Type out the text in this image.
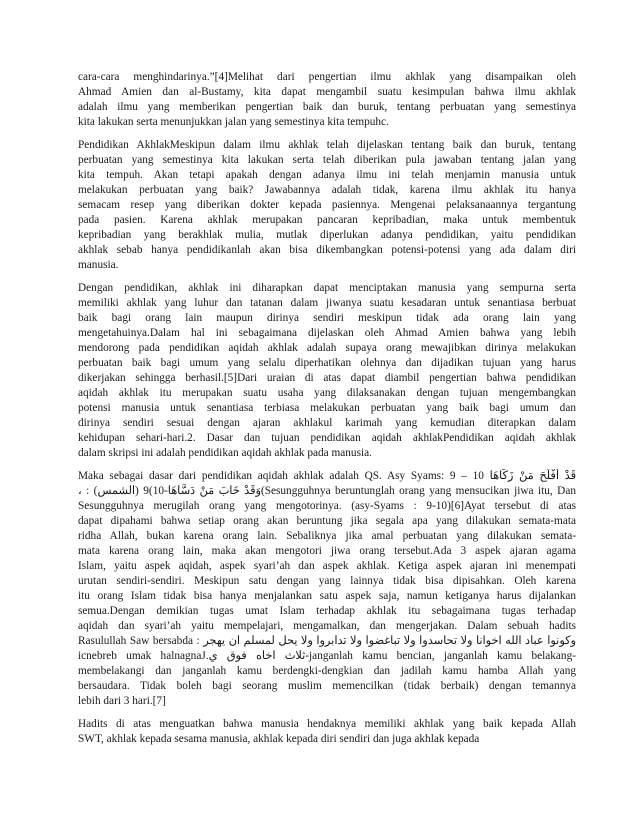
cara-cara menghindarinya.”[4]Melihat dari pengertian ilmu akhlak yang disampaikan oleh
Ahmad Amien dan al-Bustamy, kita dapat mengambil suatu kesimpulan bahwa ilmu akhlak
adalah ilmu yang memberikan pengertian baik dan buruk, tentang perbuatan yang semestinya
kita lakukan serta menunjukkan jalan yang semestinya kita tempuhc.
Pendidikan AkhlakMeskipun dalam ilmu akhlak telah dijelaskan tentang baik dan buruk, tentang
perbuatan yang semestinya kita lakukan serta telah diberikan pula jawaban tentang jalan yang
kita tempuh. Akan tetapi apakah dengan adanya ilmu ini telah menjamin manusia untuk
melakukan perbuatan yang baik? Jawabannya adalah tidak, karena ilmu akhlak itu hanya
semacam resep yang diberikan dokter kepada pasiennya. Mengenai pelaksanaannya tergantung
pada pasien. Karena akhlak merupakan pancaran kepribadian, maka untuk membentuk
kepribadian yang berakhlak mulia, mutlak diperlukan adanya pendidikan, yaitu pendidikan
akhlak sebab hanya pendidikanlah akan bisa dikembangkan potensi-potensi yang ada dalam diri
manusia.
Dengan pendidikan, akhlak ini diharapkan dapat menciptakan manusia yang sempurna serta
memiliki akhlak yang luhur dan tatanan dalam jiwanya suatu kesadaran untuk senantiasa berbuat
baik bagi orang lain maupun dirinya sendiri meskipun tidak ada orang lain yang
mengetahuinya.Dalam hal ini sebagaimana dijelaskan oleh Ahmad Amien bahwa yang lebih
mendorong pada pendidikan aqidah akhlak adalah supaya orang mewajibkan dirinya melakukan
perbuatan baik bagi umum yang selalu diperhatikan olehnya dan dijadikan tujuan yang harus
dikerjakan sehingga berhasil.[5]Dari uraian di atas dapat diambil pengertian bahwa pendidikan
aqidah akhlak itu merupakan suatu usaha yang dilaksanakan dengan tujuan mengembangkan
potensi manusia untuk senantiasa terbiasa melakukan perbuatan yang baik bagi umum dan
dirinya sendiri sesuai dengan ajaran akhlakul karimah yang kemudian diterapkan dalam
kehidupan sehari-hari.2. Dasar dan tujuan pendidikan aqidah akhlakPendidikan aqidah akhlak
dalam skripsi ini adalah pendidikan aqidah akhlak pada manusia.
Maka sebagai dasar dari pendidikan aqidah akhlak adalah QS. Asy Syams: 9 – 10 قَدْ أَفْلَحَ مَنْ زَكَّاهَا
، : (الشمس) وَقَدْ خَابَ مَنْ دَسَّاهَا-10)9(Sesungguhnya beruntunglah orang yang mensucikan jiwa itu, Dan
Sesungguhnya merugilah orang yang mengotorinya. (asy-Syams : 9-10)[6]Ayat tersebut di atas
dapat dipahami bahwa setiap orang akan beruntung jika segala apa yang dilakukan semata-mata
ridha Allah, bukan karena orang lain. Sebaliknya jika amal perbuatan yang dilakukan semata-
mata karena orang lain, maka akan mengotori jiwa orang tersebut.Ada 3 aspek ajaran agama
Islam, yaitu aspek aqidah, aspek syari’ah dan aspek akhlak. Ketiga aspek ajaran ini menempati
urutan sendiri-sendiri. Meskipun satu dengan yang lainnya tidak bisa dipisahkan. Oleh karena
itu orang Islam tidak bisa hanya menjalankan satu aspek saja, namun ketiganya harus dijalankan
semua.Dengan demikian tugas umat Islam terhadap akhlak itu sebagaimana tugas terhadap
aqidah dan syari’ah yaitu mempelajari, mengamalkan, dan mengerjakan. Dalam sebuah hadits
Rasulullah Saw bersabda : وكونوا عباد الله اخوانا ولا تحاسدوا ولا تباغضوا ولا تدابروا ولا يحل لمسلم ان يهجر
icnebreb umak halnagnaJ.ثلاث اخاه فوق ي-janganlah kamu bencian, janganlah kamu belakang-
membelakangi dan janganlah kamu berdengki-dengkian dan jadilah kamu hamba Allah yang
bersaudara. Tidak boleh bagi seorang muslim memencilkan (tidak berbaik) dengan temannya
lebih dari 3 hari.[7]
Hadits di atas menguatkan bahwa manusia hendaknya memiliki akhlak yang baik kepada Allah
SWT, akhlak kepada sesama manusia, akhlak kepada diri sendiri dan juga akhlak kepada
